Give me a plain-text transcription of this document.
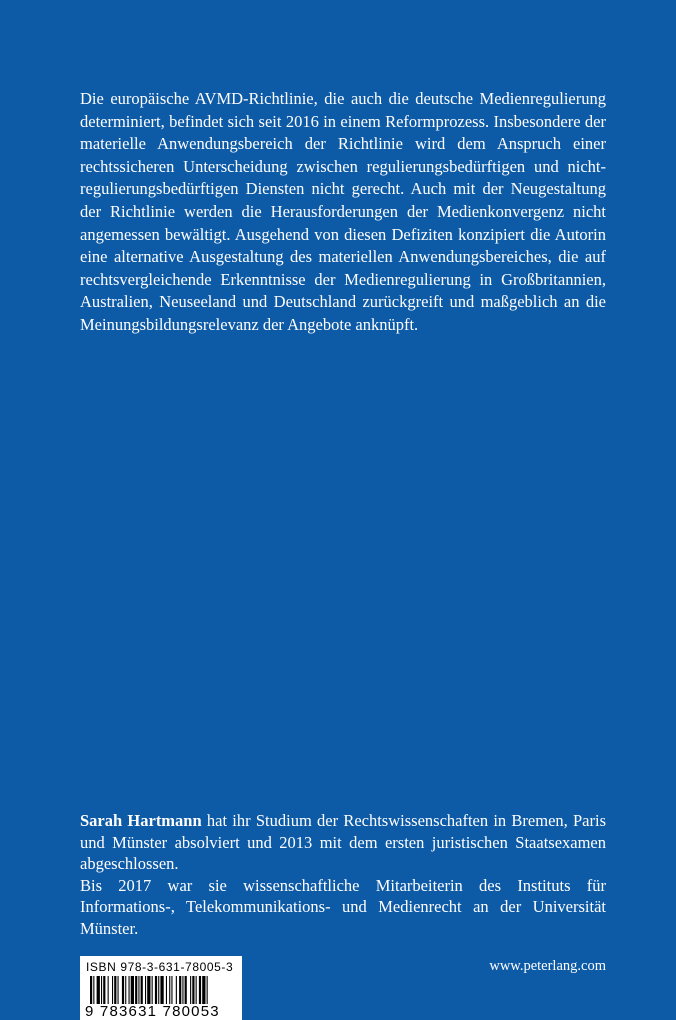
Die europäische AVMD-Richtlinie, die auch die deutsche Medienregulierung determiniert, befindet sich seit 2016 in einem Reformprozess. Insbesondere der materielle Anwendungsbereich der Richtlinie wird dem Anspruch einer rechtssicheren Unterscheidung zwischen regulierungsbedürftigen und nicht-regulierungsbedürftigen Diensten nicht gerecht. Auch mit der Neugestaltung der Richtlinie werden die Herausforderungen der Medienkonvergenz nicht angemessen bewältigt. Ausgehend von diesen Defiziten konzipiert die Autorin eine alternative Ausgestaltung des materiellen Anwendungsbereiches, die auf rechtsvergleichende Erkenntnisse der Medienregulierung in Großbritannien, Australien, Neuseeland und Deutschland zurückgreift und maßgeblich an die Meinungsbildungsrelevanz der Angebote anknüpft.

Sarah Hartmann hat ihr Studium der Rechtswissenschaften in Bremen, Paris und Münster absolviert und 2013 mit dem ersten juristischen Staatsexamen abgeschlossen.

Bis 2017 war sie wissenschaftliche Mitarbeiterin des Instituts für Informations-, Telekommunikations- und Medienrecht an der Universität Münster.

ISBN 978-3-631-78005-3
9 783631 780053
www.peterlang.com
